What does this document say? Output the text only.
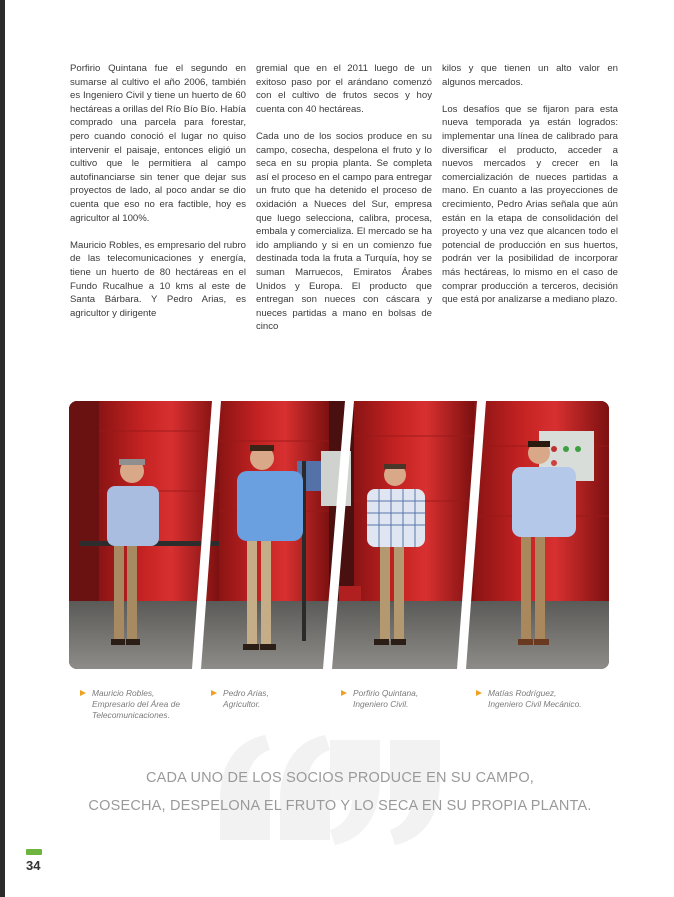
Porfirio Quintana fue el segundo en sumarse al cultivo el año 2006, también es Ingeniero Civil y tiene un huerto de 60 hectáreas a orillas del Río Bío Bío. Había comprado una parcela para forestar, pero cuando conoció el lugar no quiso intervenir el paisaje, entonces eligió un cultivo que le permitiera al campo autofinanciarse sin tener que dejar sus proyectos de lado, al poco andar se dio cuenta que eso no era factible, hoy es agricultor al 100%.

Mauricio Robles, es empresario del rubro de las telecomunicaciones y energía, tiene un huerto de 80 hectáreas en el Fundo Rucalhue a 10 kms al este de Santa Bárbara. Y Pedro Arias, es agricultor y dirigente

gremial que en el 2011 luego de un exitoso paso por el arándano comenzó con el cultivo de frutos secos y hoy cuenta con 40 hectáreas.

Cada uno de los socios produce en su campo, cosecha, despelona el fruto y lo seca en su propia planta. Se completa así el proceso en el campo para entregar un fruto que ha detenido el proceso de oxidación a Nueces del Sur, empresa que luego selecciona, calibra, procesa, embala y comercializa. El mercado se ha ido ampliando y si en un comienzo fue destinada toda la fruta a Turquía, hoy se suman Marruecos, Emiratos Árabes Unidos y Europa. El producto que entregan son nueces con cáscara y nueces partidas a mano en bolsas de cinco

kilos y que tienen un alto valor en algunos mercados.

Los desafíos que se fijaron para esta nueva temporada ya están logrados: implementar una línea de calibrado para diversificar el producto, acceder a nuevos mercados y crecer en la comercialización de nueces partidas a mano. En cuanto a las proyecciones de crecimiento, Pedro Arias señala que aún están en la etapa de consolidación del proyecto y una vez que alcancen todo el potencial de producción en sus huertos, podrán ver la posibilidad de incorporar más hectáreas, lo mismo en el caso de comprar producción a terceros, decisión que está por analizarse a mediano plazo.

Mauricio Robles,
Empresario del Área de Telecomunicaciones.
Pedro Arias,
Agricultor.
Porfirio Quintana,
Ingeniero Civil.
Matías Rodríguez,
Ingeniero Civil Mecánico.
CADA UNO DE LOS SOCIOS PRODUCE EN SU CAMPO,
COSECHA, DESPELONA EL FRUTO Y LO SECA EN SU PROPIA PLANTA.
34
